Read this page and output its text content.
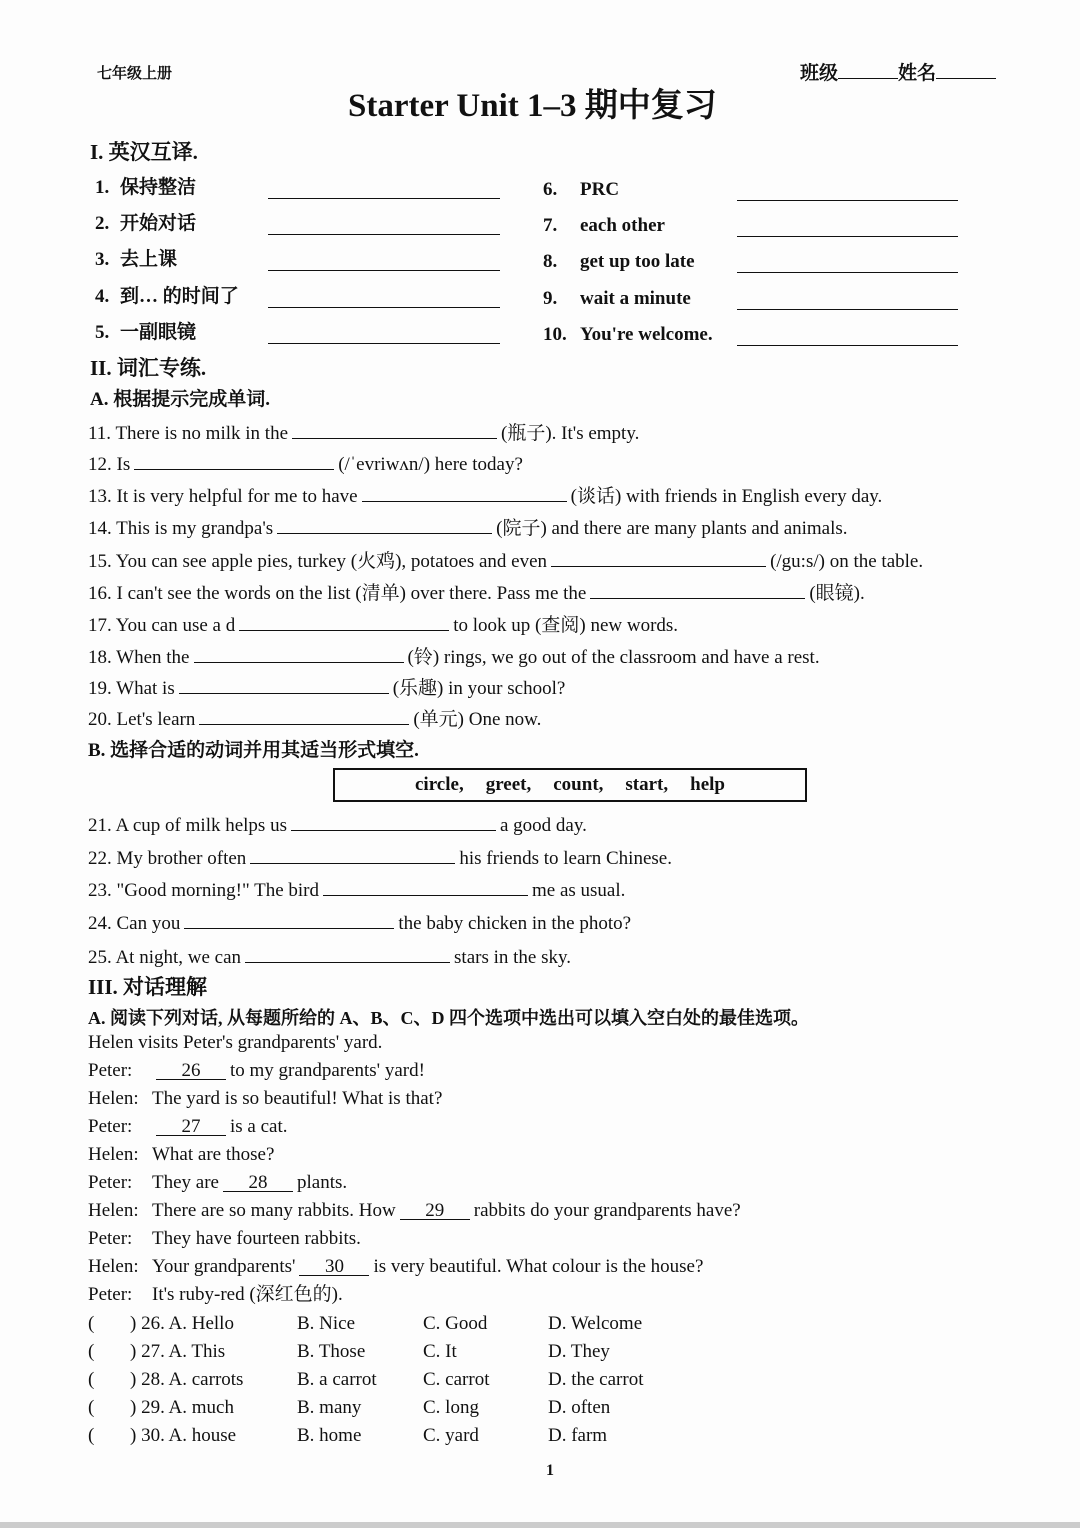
七年级上册	班级	姓名
Starter Unit 1–3 期中复习
I. 英汉互译.
1. 保持整洁
2. 开始对话
3. 去上课
4. 到… 的时间了
5. 一副眼镜
6. PRC
7. each other
8. get up too late
9. wait a minute
10. You're welcome.
II. 词汇专练.
A. 根据提示完成单词.
11. There is no milk in the	(瓶子). It's empty.
12. Is	(/ˈevriwʌn/) here today?
13. It is very helpful for me to have	(谈话) with friends in English every day.
14. This is my grandpa's	(院子) and there are many plants and animals.
15. You can see apple pies, turkey (火鸡), potatoes and even	(/gu:s/) on the table.
16. I can't see the words on the list (清单) over there. Pass me the	(眼镜).
17. You can use a d	to look up (查阅) new words.
18. When the	(铃) rings, we go out of the classroom and have a rest.
19. What is	(乐趣) in your school?
20. Let's learn	(单元) One now.
B. 选择合适的动词并用其适当形式填空.
circle, greet, count, start, help
21. A cup of milk helps us	a good day.
22. My brother often	his friends to learn Chinese.
23. "Good morning!" The bird	me as usual.
24. Can you	the baby chicken in the photo?
25. At night, we can	stars in the sky.
III. 对话理解
A. 阅读下列对话, 从每题所给的 A、B、C、D 四个选项中选出可以填入空白处的最佳选项。
Helen visits Peter's grandparents' yard.
Peter:	26 to my grandparents' yard!
Helen: The yard is so beautiful! What is that?
Peter:	27 is a cat.
Helen: What are those?
Peter: They are 28 plants.
Helen: There are so many rabbits. How 29 rabbits do your grandparents have?
Peter: They have fourteen rabbits.
Helen: Your grandparents' 30 is very beautiful. What colour is the house?
Peter: It's ruby-red (深红色的).
( ) 26. A. Hello	B. Nice	C. Good	D. Welcome
( ) 27. A. This	B. Those	C. It	D. They
( ) 28. A. carrots	B. a carrot C. carrot	D. the carrot
( ) 29. A. much	B. many	C. long	D. often
( ) 30. A. house	B. home	C. yard	D. farm
1
